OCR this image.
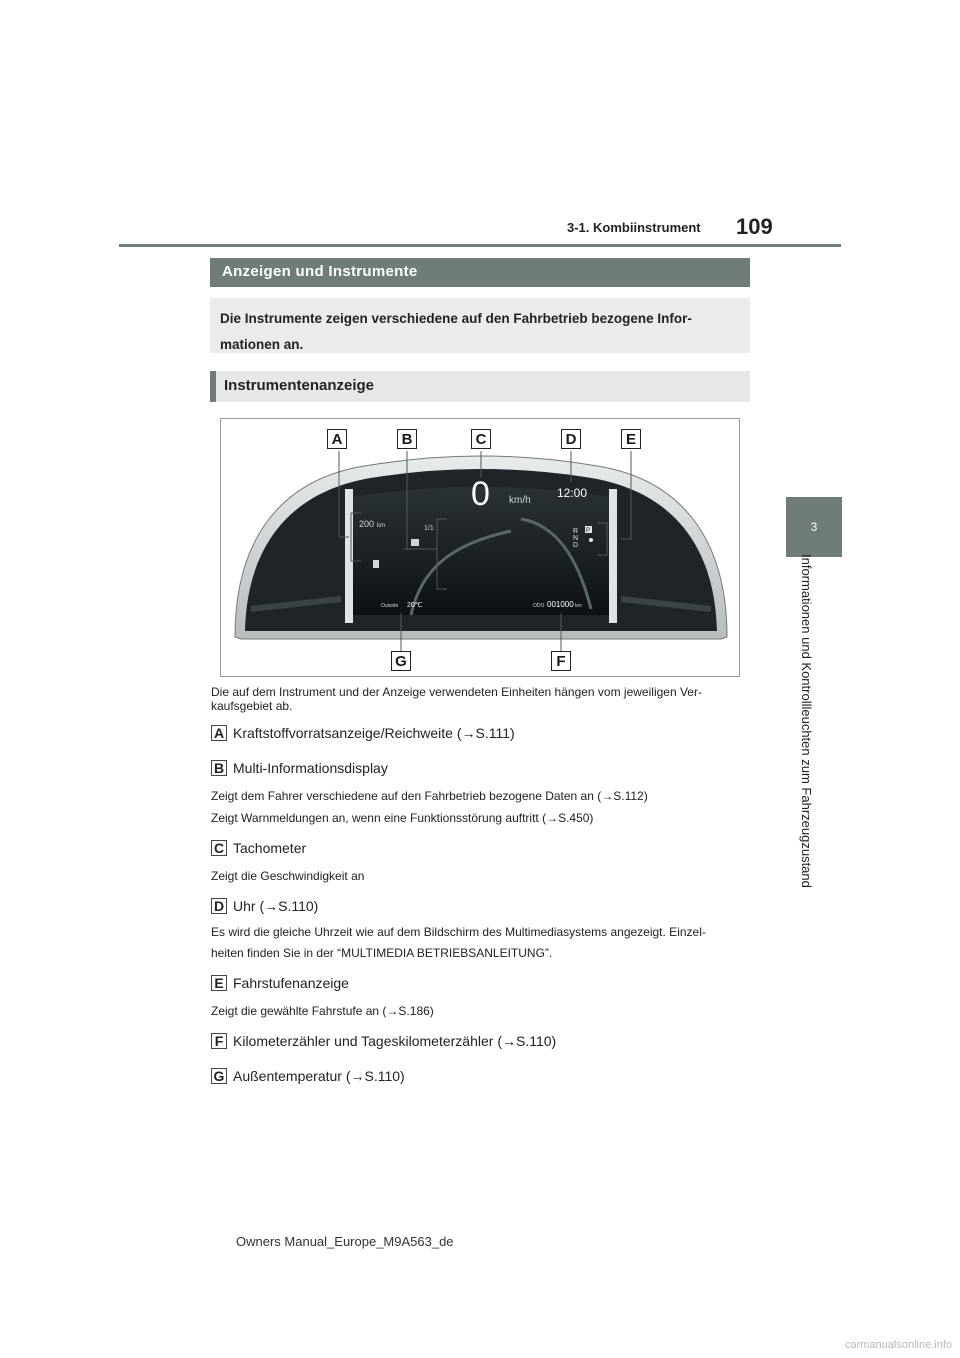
3-1. Kombiinstrument 109
3
Informationen und Kontrollleuchten zum Fahrzeugzustand
Anzeigen und Instrumente
Die Instrumente zeigen verschiedene auf den Fahrbetrieb bezogene Infor-
mationen an.
Instrumentenanzeige
0 km/h
12:00
200 km	1/1	R
N
D
P
Outside 20℃	ODO 001000 km
A	B	C	D	E
F
G
Die auf dem Instrument und der Anzeige verwendeten Einheiten hängen vom jeweiligen Ver-kaufsgebiet ab.
A Kraftstoffvorratsanzeige/Reichweite (→S.111)
B Multi-Informationsdisplay
Zeigt dem Fahrer verschiedene auf den Fahrbetrieb bezogene Daten an (→S.112)
Zeigt Warnmeldungen an, wenn eine Funktionsstörung auftritt (→S.450)
C Tachometer
Zeigt die Geschwindigkeit an
D Uhr (→S.110)
Es wird die gleiche Uhrzeit wie auf dem Bildschirm des Multimediasystems angezeigt. Einzel-
heiten finden Sie in der “MULTIMEDIA BETRIEBSANLEITUNG”.
E Fahrstufenanzeige
Zeigt die gewählte Fahrstufe an (→S.186)
F Kilometerzähler und Tageskilometerzähler (→S.110)
G Außentemperatur (→S.110)
Owners Manual_Europe_M9A563_de
carmanualsonline.info
